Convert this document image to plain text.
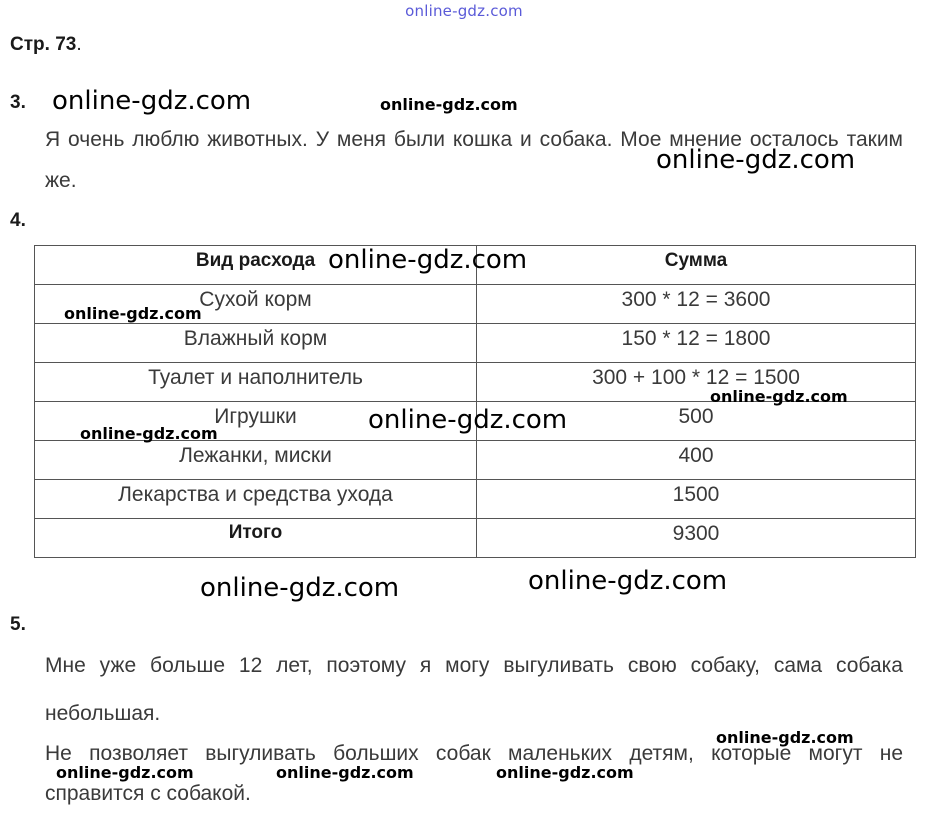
online-gdz.com
Стр. 73.
3.
Я очень люблю животных. У меня были кошка и собака. Мое мнение осталось таким же.
4.
Вид расхода	Сумма
Сухой корм	300 * 12 = 3600
Влажный корм	150 * 12 = 1800
Туалет и наполнитель	300 + 100 * 12 = 1500
Игрушки	500
Лежанки, миски	400
Лекарства и средства ухода	1500
Итого	9300
5.
Мне уже больше 12 лет, поэтому я могу выгуливать свою собаку, сама собака небольшая.
Не позволяет выгуливать больших собак маленьких детям, которые могут не справится с собакой.
online-gdz.com	online-gdz.com
online-gdz.com
online-gdz.com
online-gdz.com
online-gdz.com
online-gdz.com
online-gdz.com
online-gdz.com
online-gdz.com
online-gdz.com
online-gdz.com	online-gdz.com	online-gdz.com
